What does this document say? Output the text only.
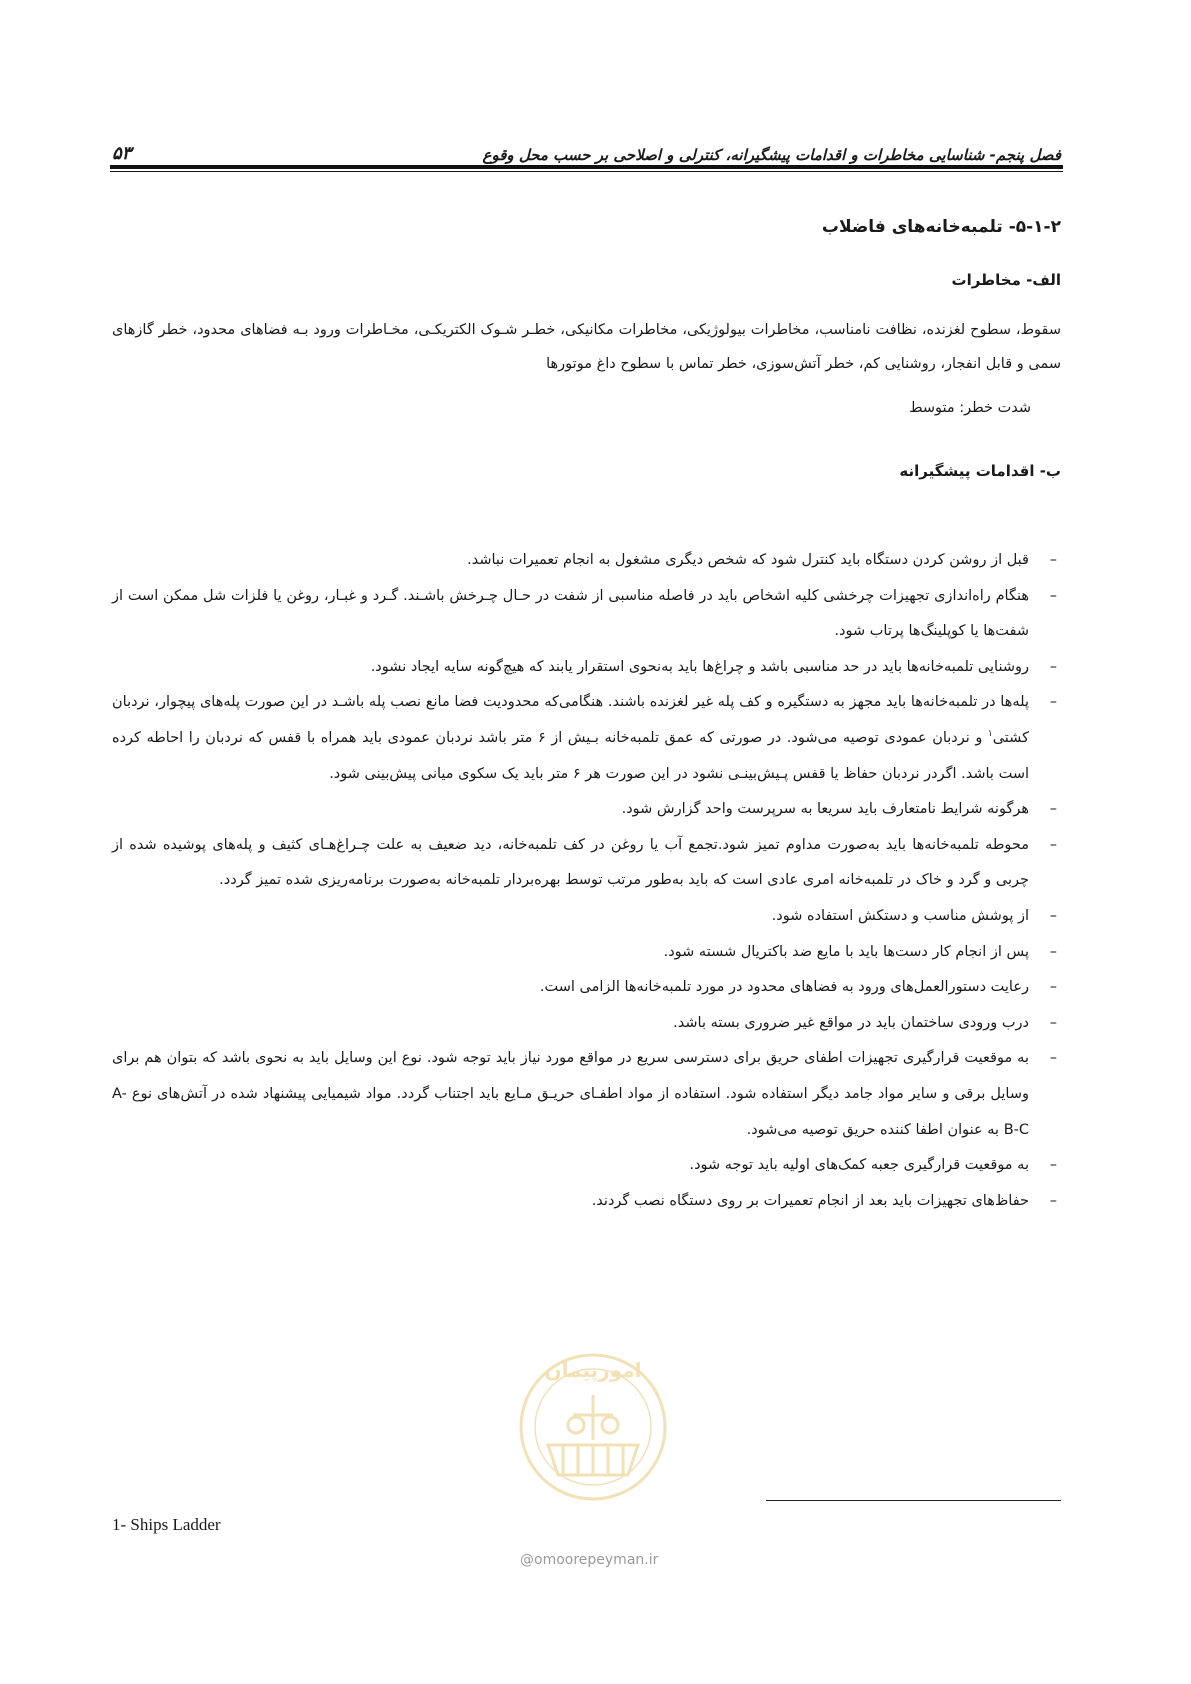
فصل پنجم- شناسایی مخاطرات و اقدامات پیشگیرانه، کنترلی و اصلاحی بر حسب محل وقوع
۵۳
۵-۱-۲- تلمبه‌خانه‌های فاضلاب
الف- مخاطرات
سقوط، سطوح لغزنده، نظافت نامناسب، مخاطرات بیولوژیکی، مخاطرات مکانیکی، خطـر شـوک الکتریکـی، مخـاطرات ورود بـه فضاهای محدود، خطر گازهای سمی و قابل انفجار، روشنایی کم، خطر آتش‌سوزی، خطر تماس با سطوح داغ موتورها
شدت خطر: متوسط
ب- اقدامات پیشگیرانه
–
قبل از روشن کردن دستگاه باید کنترل شود که شخص دیگری مشغول به انجام تعمیرات نباشد.
–
هنگام راه‌اندازی تجهیزات چرخشی کلیه اشخاص باید در فاصله مناسبی از شفت در حـال چـرخش باشـند. گـرد و غبـار، روغن یا فلزات شل ممکن است از شفت‌ها یا کوپلینگ‌ها پرتاب شود.
–
روشنایی تلمبه‌خانه‌ها باید در حد مناسبی باشد و چراغ‌ها باید به‌نحوی استقرار یابند که هیچ‌گونه سایه ایجاد نشود.
–
پله‌ها در تلمبه‌خانه‌ها باید مجهز به دستگیره و کف پله غیر لغزنده باشند. هنگامی‌که محدودیت فضا مانع نصب پله باشـد در این صورت پله‌های پیچوار، نردبان کشتی$^۱$ و نردبان عمودی توصیه می‌شود. در صورتی که عمق تلمبه‌خانه بـیش از ۶ متر باشد نردبان عمودی باید همراه با قفس که نردبان را احاطه کرده است باشد. اگردر نردبان حفاظ یا قفس پـیش‌بینـی نشود در این صورت هر ۶ متر باید یک سکوی میانی پیش‌بینی شود.
–
هرگونه شرایط نامتعارف باید سریعا به سرپرست واحد گزارش شود.
–
محوطه تلمبه‌خانه‌ها باید به‌صورت مداوم تمیز شود.تجمع آب یا روغن در کف تلمبه‌خانه، دید ضعیف به علت چـراغ‌هـای کثیف و پله‌های پوشیده شده از چربی و گرد و خاک در تلمبه‌خانه امری عادی است که باید به‌طور مرتب توسط بهره‌بردار تلمبه‌خانه به‌صورت برنامه‌ریزی شده تمیز گردد.
–
از پوشش مناسب و دستکش استفاده شود.
–
پس از انجام کار دست‌ها باید با مایع ضد باکتریال شسته شود.
–
رعایت دستورالعمل‌های ورود به فضاهای محدود در مورد تلمبه‌خانه‌ها الزامی است.
–
درب ورودی ساختمان باید در مواقع غیر ضروری بسته باشد.
–
به موقعیت قرارگیری تجهیزات اطفای حریق برای دسترسی سریع در مواقع مورد نیاز باید توجه شود. نوع این وسایل باید به نحوی باشد که بتوان هم برای وسایل برقی و سایر مواد جامد دیگر استفاده شود. استفاده از مواد اطفـای حریـق مـایع باید اجتناب گردد. مواد شیمیایی پیشنهاد شده در آتش‌های نوع A-B-C به عنوان اطفا کننده حریق توصیه می‌شود.
–
به موقعیت قرارگیری جعبه کمک‌های اولیه باید توجه شود.
–
حفاظ‌های تجهیزات باید بعد از انجام تعمیرات بر روی دستگاه نصب گردند.
امورپیمان
1- Ships Ladder
@omoorepeyman.ir
